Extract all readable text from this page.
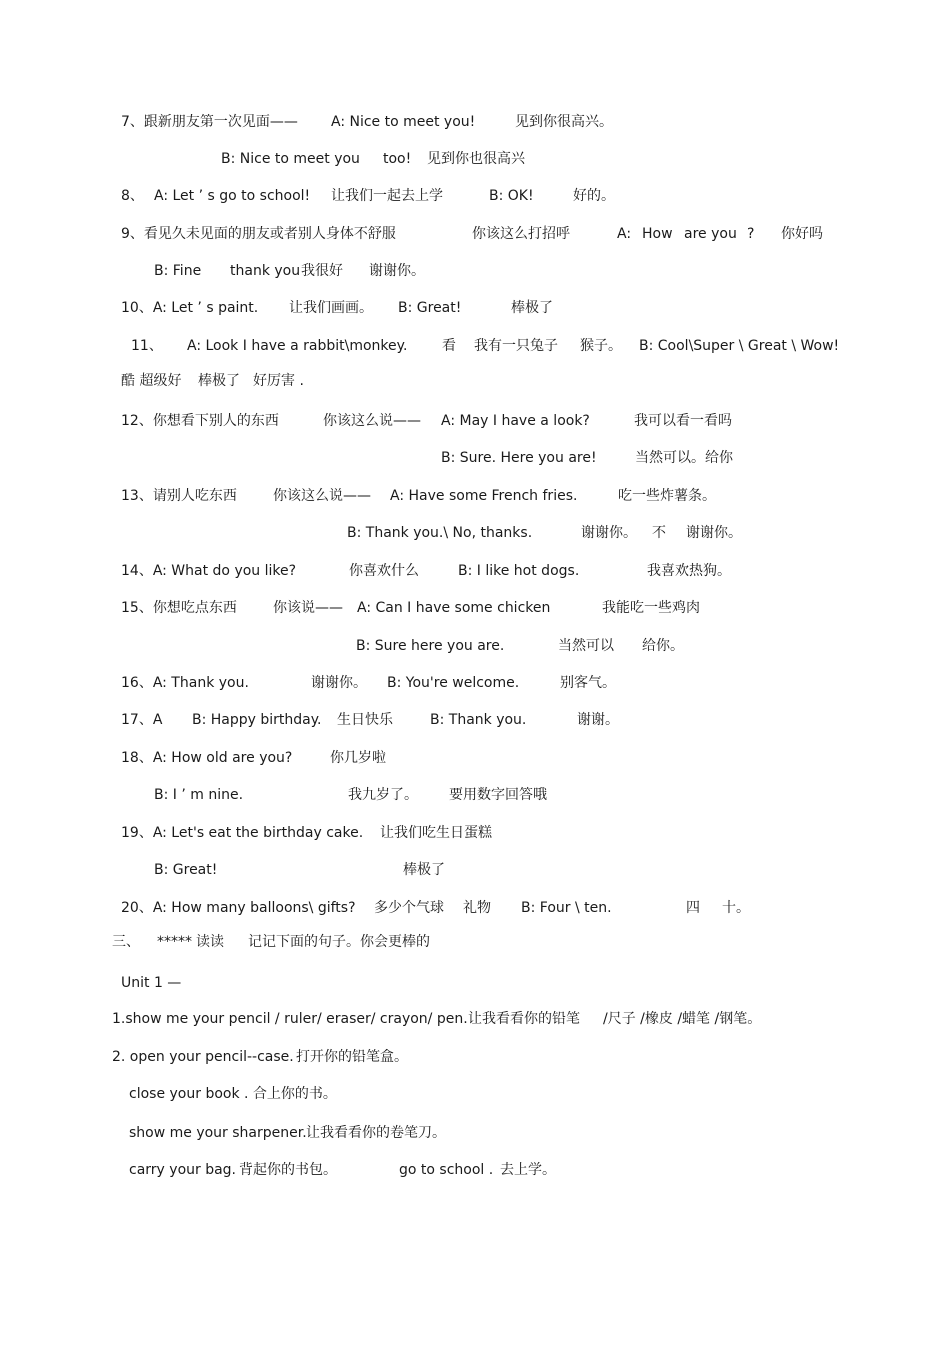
7、跟新朋友第一次见面—— A: Nice to meet you!	见到你很高兴。
B: Nice to meet you too! 见到你也很高兴
8、 A: Let ’ s go to school! 让我们一起去上学	B: OK!	好的。
9、看见久未见面的朋友或者别人身体不舒服	你该这么打招呼	A: How are you ? 你好吗
B: Fine thank you 我很好 谢谢你。
10、A: Let ’ s paint. 让我们画画。 B: Great!	棒极了
11、 A: Look I have a rabbit\monkey. 看 我有一只兔子 猴子。 B: Cool\Super \ Great \ Wow!
酷 超级好 棒极了 好厉害 .
12、你想看下别人的东西	你该这么说—— A: May I have a look?	我可以看一看吗
B: Sure. Here you are!	当然可以。给你
13、请别人吃东西	你该这么说—— A: Have some French fries.	吃一些炸薯条。
B: Thank you.\ No, thanks.	谢谢你。 不 谢谢你。
14、A: What do you like?	你喜欢什么	B: I like hot dogs.	我喜欢热狗。
15、你想吃点东西	你该说—— A: Can I have some chicken	我能吃一些鸡肉
B: Sure here you are.	当然可以 给你。
16、A: Thank you.	谢谢你。 B: You're welcome.	别客气。
17、A B: Happy birthday. 生日快乐	B: Thank you.	谢谢。
18、A: How old are you?	你几岁啦
B: I ’ m nine.	我九岁了。 要用数字回答哦
19、A: Let's eat the birthday cake. 让我们吃生日蛋糕
B: Great!	棒极了
20、A: How many balloons\ gifts? 多少个气球 礼物 B: Four \ ten.	四 十。
三、 ***** 读读 记记下面的句子。你会更棒的
Unit 1 —
1.show me your pencil / ruler/ eraser/ crayon/ pen. 让我看看你的铅笔 /尺子 /橡皮 /蜡笔 /钢笔。
2. open your pencil--case. 打开你的铅笔盒。
close your book . 合上你的书。
show me your sharpener. 让我看看你的卷笔刀。
carry your bag. 背起你的书包。	go to school . 去上学。
